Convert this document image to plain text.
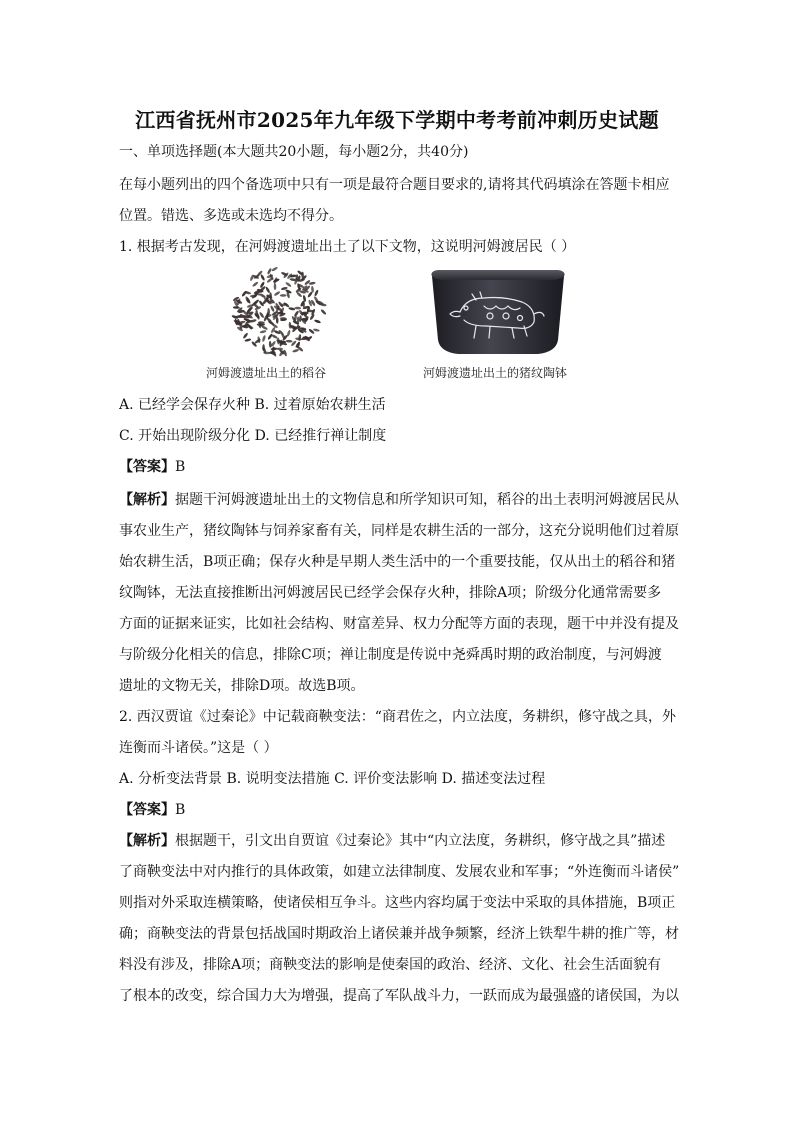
江西省抚州市2025年九年级下学期中考考前冲刺历史试题
一、单项选择题(本大题共20小题，每小题2分，共40分)
在每小题列出的四个备选项中只有一项是最符合题目要求的,请将其代码填涂在答题卡相应
位置。错选、多选或未选均不得分。
1. 根据考古发现，在河姆渡遗址出土了以下文物，这说明河姆渡居民（ ）
河姆渡遗址出土的稻谷	河姆渡遗址出土的猪纹陶钵
A. 已经学会保存火种 B. 过着原始农耕生活
C. 开始出现阶级分化 D. 已经推行禅让制度
【答案】B
【解析】据题干河姆渡遗址出土的文物信息和所学知识可知，稻谷的出土表明河姆渡居民从
事农业生产，猪纹陶钵与饲养家畜有关，同样是农耕生活的一部分，这充分说明他们过着原
始农耕生活，B项正确；保存火种是早期人类生活中的一个重要技能，仅从出土的稻谷和猪
纹陶钵，无法直接推断出河姆渡居民已经学会保存火种，排除A项；阶级分化通常需要多
方面的证据来证实，比如社会结构、财富差异、权力分配等方面的表现，题干中并没有提及
与阶级分化相关的信息，排除C项；禅让制度是传说中尧舜禹时期的政治制度，与河姆渡
遗址的文物无关，排除D项。故选B项。
2. 西汉贾谊《过秦论》中记载商鞅变法：“商君佐之，内立法度，务耕织，修守战之具，外
连衡而斗诸侯。”这是（ ）
A. 分析变法背景 B. 说明变法措施 C. 评价变法影响 D. 描述变法过程
【答案】B
【解析】根据题干，引文出自贾谊《过秦论》其中“内立法度，务耕织，修守战之具”描述
了商鞅变法中对内推行的具体政策，如建立法律制度、发展农业和军事；“外连衡而斗诸侯”
则指对外采取连横策略，使诸侯相互争斗。这些内容均属于变法中采取的具体措施，B项正
确；商鞅变法的背景包括战国时期政治上诸侯兼并战争频繁，经济上铁犁牛耕的推广等，材
料没有涉及，排除A项；商鞅变法的影响是使秦国的政治、经济、文化、社会生活面貌有
了根本的改变，综合国力大为增强，提高了军队战斗力，一跃而成为最强盛的诸侯国，为以
